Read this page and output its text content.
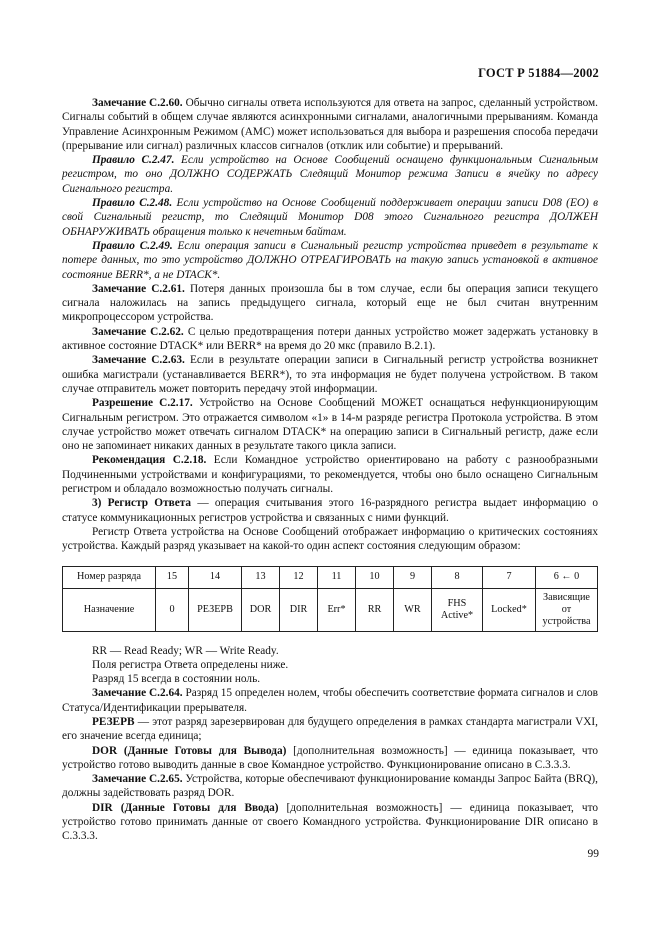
ГОСТ Р 51884—2002

Замечание С.2.60. Обычно сигналы ответа используются для ответа на запрос, сделанный устройством. Сигналы событий в общем случае являются асинхронными сигналами, аналогичными прерываниям. Команда Управление Асинхронным Режимом (АМС) может использоваться для выбора и разрешения способа передачи (прерывание или сигнал) различных классов сигналов (отклик или событие) и прерываний.

Правило С.2.47. Если устройство на Основе Сообщений оснащено функциональным Сигнальным регистром, то оно ДОЛЖНО СОДЕРЖАТЬ Следящий Монитор режима Записи в ячейку по адресу Сигнального регистра.

Правило С.2.48. Если устройство на Основе Сообщений поддерживает операции записи D08 (EO) в свой Сигнальный регистр, то Следящий Монитор D08 этого Сигнального регистра ДОЛЖЕН ОБНАРУЖИВАТЬ обращения только к нечетным байтам.

Правило С.2.49. Если операция записи в Сигнальный регистр устройства приведет в результате к потере данных, то это устройство ДОЛЖНО ОТРЕАГИРОВАТЬ на такую запись установкой в активное состояние BERR*, а не DTACK*.

Замечание С.2.61. Потеря данных произошла бы в том случае, если бы операция записи текущего сигнала наложилась на запись предыдущего сигнала, который еще не был считан внутренним микропроцессором устройства.

Замечание С.2.62. С целью предотвращения потери данных устройство может задержать установку в активное состояние DTACK* или BERR* на время до 20 мкс (правило В.2.1).

Замечание С.2.63. Если в результате операции записи в Сигнальный регистр устройства возникнет ошибка магистрали (устанавливается BERR*), то эта информация не будет получена устройством. В таком случае отправитель может повторить передачу этой информации.

Разрешение С.2.17. Устройство на Основе Сообщений МОЖЕТ оснащаться нефункционирующим Сигнальным регистром. Это отражается символом «1» в 14-м разряде регистра Протокола устройства. В этом случае устройство может отвечать сигналом DTACK* на операцию записи в Сигнальный регистр, даже если оно не запоминает никаких данных в результате такого цикла записи.

Рекомендация С.2.18. Если Командное устройство ориентировано на работу с разнообразными Подчиненными устройствами и конфигурациями, то рекомендуется, чтобы оно было оснащено Сигнальным регистром и обладало возможностью получать сигналы.

3) Регистр Ответа — операция считывания этого 16-разрядного регистра выдает информацию о статусе коммуникационных регистров устройства и связанных с ними функций.

Регистр Ответа устройства на Основе Сообщений отображает информацию о критических состояниях устройства. Каждый разряд указывает на какой-то один аспект состояния следующим образом:

Номер разряда	15	14	13	12	11	10	9	8	7	6 ← 0
Назначение	0	РЕЗЕРВ	DOR	DIR	Err*	RR	WR	FHS Active*	Locked*	Зависящие от устройства

RR — Read Ready; WR — Write Ready.

Поля регистра Ответа определены ниже.

Разряд 15 всегда в состоянии ноль.

Замечание С.2.64. Разряд 15 определен нолем, чтобы обеспечить соответствие формата сигналов и слов Статуса/Идентификации прерывателя.

РЕЗЕРВ — этот разряд зарезервирован для будущего определения в рамках стандарта магистрали VXI, его значение всегда единица;

DOR (Данные Готовы для Вывода) [дополнительная возможность] — единица показывает, что устройство готово выводить данные в свое Командное устройство. Функционирование описано в С.3.3.3.

Замечание С.2.65. Устройства, которые обеспечивают функционирование команды Запрос Байта (BRQ), должны задействовать разряд DOR.

DIR (Данные Готовы для Ввода) [дополнительная возможность] — единица показывает, что устройство готово принимать данные от своего Командного устройства. Функционирование DIR описано в С.3.3.3.

99
